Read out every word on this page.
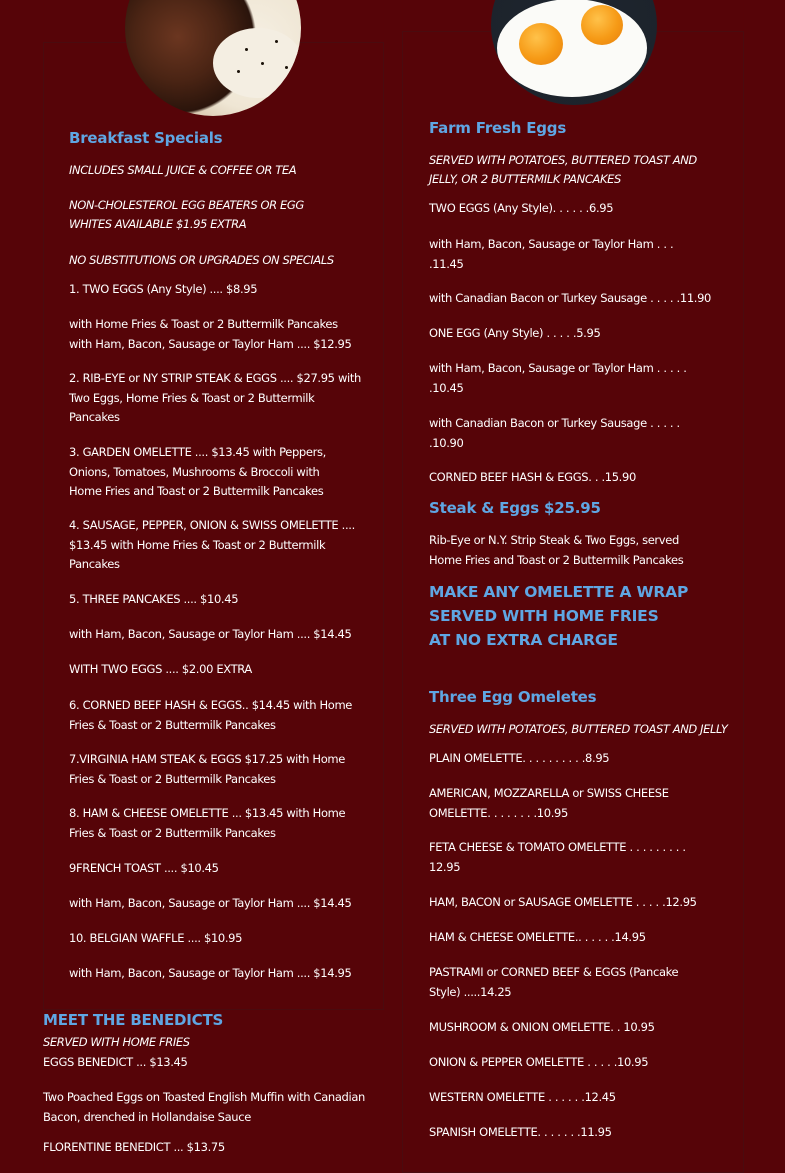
Breakfast Specials

INCLUDES SMALL JUICE & COFFEE OR TEA

NON-CHOLESTEROL EGG BEATERS OR EGG WHITES AVAILABLE $1.95 EXTRA

NO SUBSTITUTIONS OR UPGRADES ON SPECIALS

1. TWO EGGS (Any Style) .... $8.95

with Home Fries & Toast or 2 Buttermilk Pancakes with Ham, Bacon, Sausage or Taylor Ham .... $12.95

2. RIB-EYE or NY STRIP STEAK & EGGS .... $27.95 with Two Eggs, Home Fries & Toast or 2 Buttermilk Pancakes

3. GARDEN OMELETTE .... $13.45 with Peppers, Onions, Tomatoes, Mushrooms & Broccoli with Home Fries and Toast or 2 Buttermilk Pancakes

4. SAUSAGE, PEPPER, ONION & SWISS OMELETTE .... $13.45 with Home Fries & Toast or 2 Buttermilk Pancakes

5. THREE PANCAKES .... $10.45

with Ham, Bacon, Sausage or Taylor Ham .... $14.45

WITH TWO EGGS .... $2.00 EXTRA

6. CORNED BEEF HASH & EGGS.. $14.45 with Home Fries & Toast or 2 Buttermilk Pancakes

7.VIRGINIA HAM STEAK & EGGS $17.25 with Home Fries & Toast or 2 Buttermilk Pancakes

8. HAM & CHEESE OMELETTE ... $13.45 with Home Fries & Toast or 2 Buttermilk Pancakes

9FRENCH TOAST .... $10.45

with Ham, Bacon, Sausage or Taylor Ham .... $14.45

10. BELGIAN WAFFLE .... $10.95

with Ham, Bacon, Sausage or Taylor Ham .... $14.95

MEET THE BENEDICTS

SERVED WITH HOME FRIES

EGGS BENEDICT ... $13.45

Two Poached Eggs on Toasted English Muffin with Canadian Bacon, drenched in Hollandaise Sauce

FLORENTINE BENEDICT ... $13.75

Farm Fresh Eggs

SERVED WITH POTATOES, BUTTERED TOAST AND JELLY, OR 2 BUTTERMILK PANCAKES

TWO EGGS (Any Style). . . . . .6.95

with Ham, Bacon, Sausage or Taylor Ham . . . .11.45

with Canadian Bacon or Turkey Sausage . . . . .11.90

ONE EGG (Any Style) . . . . .5.95

with Ham, Bacon, Sausage or Taylor Ham . . . . . .10.45

with Canadian Bacon or Turkey Sausage . . . . . .10.90

CORNED BEEF HASH & EGGS. . .15.90

Steak & Eggs $25.95

Rib-Eye or N.Y. Strip Steak & Two Eggs, served Home Fries and Toast or 2 Buttermilk Pancakes

MAKE ANY OMELETTE A WRAP
SERVED WITH HOME FRIES
AT NO EXTRA CHARGE
Three Egg Omeletes

SERVED WITH POTATOES, BUTTERED TOAST AND JELLY

PLAIN OMELETTE. . . . . . . . . .8.95

AMERICAN, MOZZARELLA or SWISS CHEESE OMELETTE. . . . . . . .10.95

FETA CHEESE & TOMATO OMELETTE . . . . . . . . . 12.95

HAM, BACON or SAUSAGE OMELETTE . . . . .12.95

HAM & CHEESE OMELETTE.. . . . . .14.95

PASTRAMI or CORNED BEEF & EGGS (Pancake Style) .....14.25

MUSHROOM & ONION OMELETTE. . 10.95

ONION & PEPPER OMELETTE . . . . .10.95

WESTERN OMELETTE . . . . . .12.45

SPANISH OMELETTE. . . . . . .11.95
